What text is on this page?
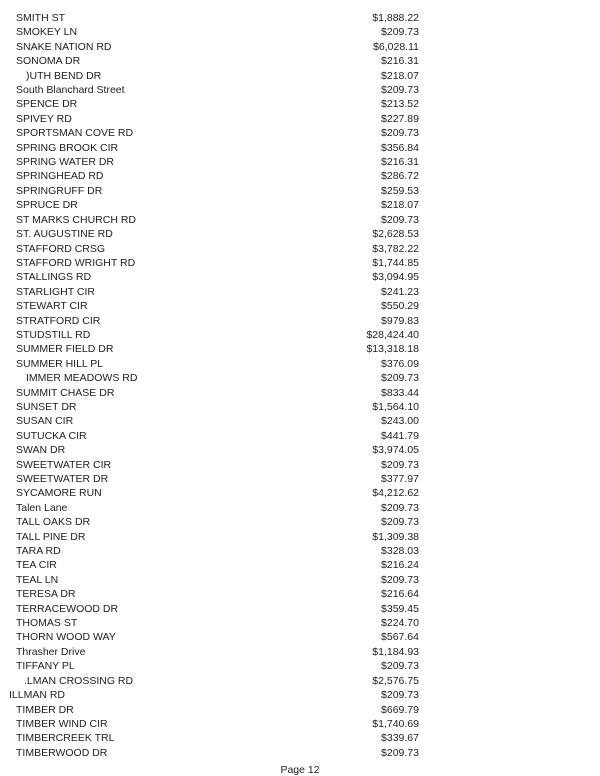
SMITH ST	$1,888.22
SMOKEY LN	$209.73
SNAKE NATION RD	$6,028.11
SONOMA DR	$216.31
)UTH BEND DR	$218.07
South Blanchard Street	$209.73
SPENCE DR	$213.52
SPIVEY RD	$227.89
SPORTSMAN COVE RD	$209.73
SPRING BROOK CIR	$356.84
SPRING WATER DR	$216.31
SPRINGHEAD RD	$286.72
SPRINGRUFF DR	$259.53
SPRUCE DR	$218.07
ST MARKS CHURCH RD	$209.73
ST. AUGUSTINE RD	$2,628.53
STAFFORD CRSG	$3,782.22
STAFFORD WRIGHT RD	$1,744.85
STALLINGS RD	$3,094.95
STARLIGHT CIR	$241.23
STEWART CIR	$550.29
STRATFORD CIR	$979.83
STUDSTILL RD	$28,424.40
SUMMER FIELD DR	$13,318.18
SUMMER HILL PL	$376.09
IMMER MEADOWS RD	$209.73
SUMMIT CHASE DR	$833.44
SUNSET DR	$1,564.10
SUSAN CIR	$243.00
SUTUCKA CIR	$441.79
SWAN DR	$3,974.05
SWEETWATER CIR	$209.73
SWEETWATER DR	$377.97
SYCAMORE RUN	$4,212.62
Talen Lane	$209.73
TALL OAKS DR	$209.73
TALL PINE DR	$1,309.38
TARA RD	$328.03
TEA CIR	$216.24
TEAL LN	$209.73
TERESA DR	$216.64
TERRACEWOOD DR	$359.45
THOMAS ST	$224.70
THORN WOOD WAY	$567.64
Thrasher Drive	$1,184.93
TIFFANY PL	$209.73
.LMAN CROSSING RD	$2,576.75
ILLMAN RD	$209.73
TIMBER DR	$669.79
TIMBER WIND CIR	$1,740.69
TIMBERCREEK TRL	$339.67
TIMBERWOOD DR	$209.73
Page 12
